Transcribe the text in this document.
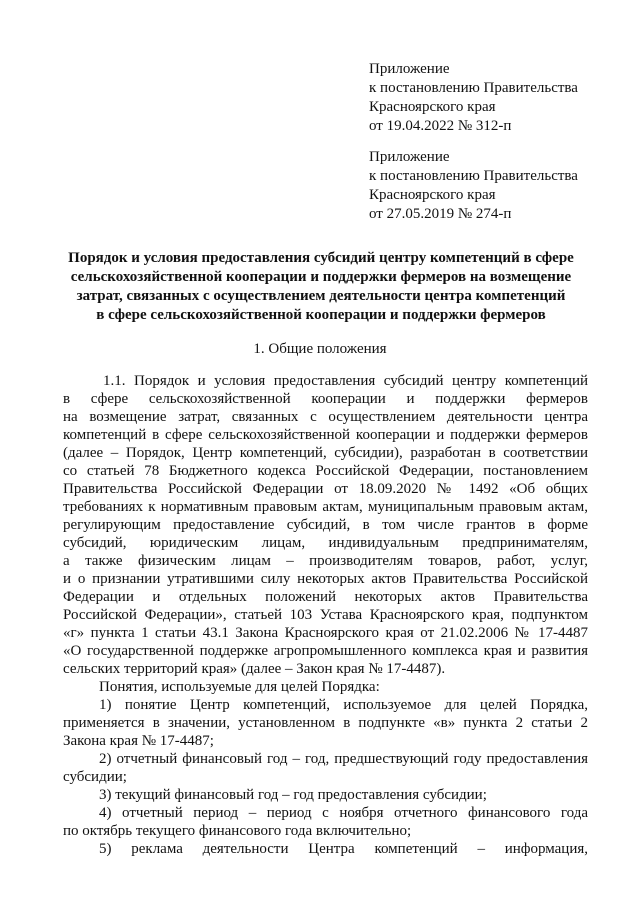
Приложение
к постановлению Правительства
Красноярского края
от 19.04.2022 № 312-п
Приложение
к постановлению Правительства
Красноярского края
от 27.05.2019 № 274-п
Порядок и условия предоставления субсидий центру компетенций в сфере
сельскохозяйственной кооперации и поддержки фермеров на возмещение
затрат, связанных с осуществлением деятельности центра компетенций
в сфере сельскохозяйственной кооперации и поддержки фермеров
1. Общие положения
1.1. Порядок и условия предоставления субсидий центру компетенций
в сфере сельскохозяйственной кооперации и поддержки фермеров
на возмещение затрат, связанных с осуществлением деятельности центра
компетенций в сфере сельскохозяйственной кооперации и поддержки фермеров
(далее – Порядок, Центр компетенций, субсидии), разработан в соответствии
со статьей 78 Бюджетного кодекса Российской Федерации, постановлением
Правительства Российской Федерации от 18.09.2020 № 1492 «Об общих
требованиях к нормативным правовым актам, муниципальным правовым актам,
регулирующим предоставление субсидий, в том числе грантов в форме
субсидий, юридическим лицам, индивидуальным предпринимателям,
а также физическим лицам – производителям товаров, работ, услуг,
и о признании утратившими силу некоторых актов Правительства Российской
Федерации и отдельных положений некоторых актов Правительства
Российской Федерации», статьей 103 Устава Красноярского края, подпунктом
«г» пункта 1 статьи 43.1 Закона Красноярского края от 21.02.2006 № 17-4487
«О государственной поддержке агропромышленного комплекса края и развития
сельских территорий края» (далее – Закон края № 17-4487).
Понятия, используемые для целей Порядка:
1) понятие Центр компетенций, используемое для целей Порядка,
применяется в значении, установленном в подпункте «в» пункта 2 статьи 2
Закона края № 17-4487;
2) отчетный финансовый год – год, предшествующий году предоставления
субсидии;
3) текущий финансовый год – год предоставления субсидии;
4) отчетный период – период с ноября отчетного финансового года
по октябрь текущего финансового года включительно;
5) реклама деятельности Центра компетенций – информация,
